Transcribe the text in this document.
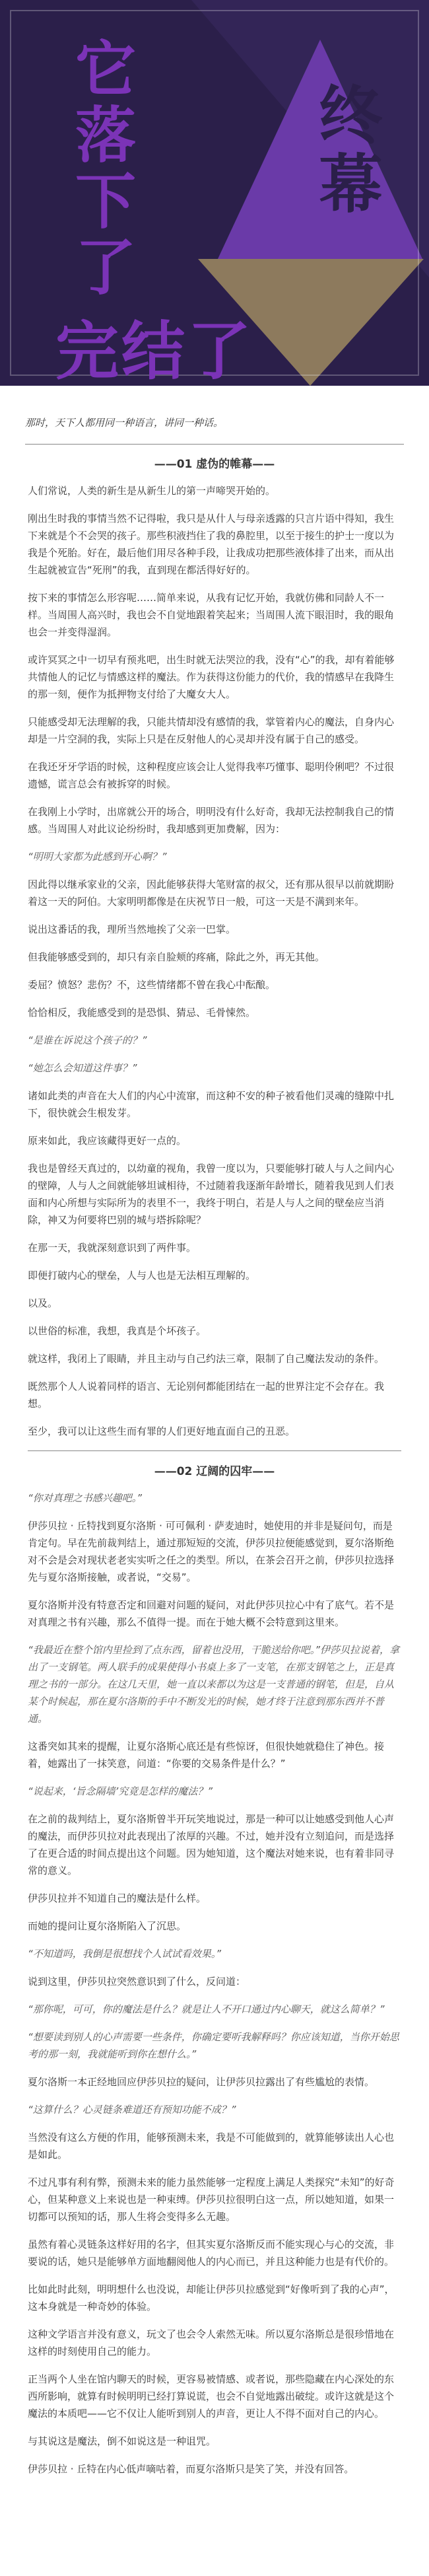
它落下了	终幕
完结了
那时，天下人都用同一种语言，讲同一种话。
——01 虚伪的帷幕——

人们常说，人类的新生是从新生儿的第一声啼哭开始的。

刚出生时我的事情当然不记得啦，我只是从什人与母亲透露的只言片语中得知，我生下来就是个不会哭的孩子。那些积液挡住了我的鼻腔里，以至于接生的护士一度以为我是个死胎。好在，最后他们用尽各种手段，让我成功把那些液体排了出来，而从出生起就被宣告“死刑”的我，直到现在都活得好好的。

按下来的事情怎么形容呢……简单来说，从我有记忆开始，我就仿佛和同龄人不一样。当周围人高兴时，我也会不自觉地跟着笑起来；当周围人流下眼泪时，我的眼角也会一并变得湿润。

或许冥冥之中一切早有预兆吧，出生时就无法哭泣的我，没有“心”的我，却有着能够共情他人的记忆与情感这样的魔法。作为获得这份能力的代价，我的情感早在我降生的那一刻，便作为抵押物支付给了大魔女大人。

只能感受却无法理解的我，只能共情却没有感情的我，掌管着内心的魔法，自身内心却是一片空洞的我，实际上只是在反射他人的心灵却并没有属于自己的感受。

在我还牙牙学语的时候，这种程度应该会让人觉得我率巧懂事、聪明伶俐吧？不过很遗憾，谎言总会有被拆穿的时候。

在我刚上小学时，出席就公开的场合，明明没有什么好奇，我却无法控制我自己的情感。当周围人对此议论纷纷时，我却感到更加费解，因为：

“明明大家都为此感到开心啊？”

因此得以继承家业的父亲，因此能够获得大笔财富的叔父，还有那从很早以前就期盼着这一天的阿伯。大家明明都像是在庆祝节日一般，可这一天是不满到来年。

说出这番话的我，理所当然地挨了父亲一巴掌。

但我能够感受到的，却只有亲自脸颊的疼痛，除此之外，再无其他。

委屈？愤怒？悲伤？不，这些情绪都不曾在我心中酝酿。

恰恰相反，我能感受到的是恐惧、猜忌、毛骨悚然。

“是谁在诉说这个孩子的？”

“她怎么会知道这件事？”

诸如此类的声音在大人们的内心中流窜，而这种不安的种子被看他们灵魂的缝隙中扎下，很快就会生根发芽。

原来如此，我应该藏得更好一点的。

我也是曾经天真过的，以幼童的视角，我曾一度以为，只要能够打破人与人之间内心的壁障，人与人之间就能够坦诚相待，不过随着我逐渐年龄增长，随着我见到人们表面和内心所想与实际所为的表里不一，我终于明白，若是人与人之间的壁垒应当消除，神又为何要将巴别的城与塔拆除呢？

在那一天，我就深刻意识到了两件事。

即便打破内心的壁垒，人与人也是无法相互理解的。

以及。

以世俗的标准，我想，我真是个坏孩子。

就这样，我闭上了眼睛，并且主动与自己约法三章，限制了自己魔法发动的条件。

既然那个人人说着同样的语言、无论别何都能团结在一起的世界注定不会存在。我想。

至少，我可以让这些生而有罪的人们更好地直面自己的丑恶。

——02 辽阔的囚牢——

“你对真理之书感兴趣吧。”

伊莎贝拉 · 丘特找到夏尔洛斯 · 可可佩利 · 萨麦迪时，她使用的并非是疑问句，而是肯定句。早在先前裁判结上，通过那短短的交流，伊莎贝拉便能感觉到，夏尔洛斯绝对不会是会对现状老老实实听之任之的类型。所以，在茶会召开之前，伊莎贝拉选择先与夏尔洛斯接触，或者说，“交易”。

夏尔洛斯并没有特意否定和回避对问题的疑问，对此伊莎贝拉心中有了底气。若不是对真理之书有兴趣，那么不值得一提。而在于她大概不会特意到这里来。

“我最近在整个馆内里捡到了点东西，留着也没用，干脆送给你吧。”伊莎贝拉说着，拿出了一支钢笔。两人联手的成果使得小书桌上多了一支笔，在那支钢笔之上，正是真理之书的一部分。在这几天里，她一直以来都以为这是一支普通的钢笔，但是，自从某个时候起，那在夏尔洛斯的手中不断发光的时候，她才终于注意到那东西并不普通。

这番突如其来的提醒，让夏尔洛斯心底还是有些惊讶，但很快她就稳住了神色。接着，她露出了一抹笑意，问道：“你要的交易条件是什么？”

“说起来，‘旨念隔墙’究竟是怎样的魔法？”

在之前的裁判结上，夏尔洛斯曾半开玩笑地说过，那是一种可以让她感受到他人心声的魔法，而伊莎贝拉对此表现出了浓厚的兴趣。不过，她并没有立刻追问，而是选择了在更合适的时间点提出这个问题。因为她知道，这个魔法对她来说，也有着非同寻常的意义。

伊莎贝拉并不知道自己的魔法是什么样。

而她的提问让夏尔洛斯陷入了沉思。

“不知道吗，我倒是很想找个人试试看效果。”

说到这里，伊莎贝拉突然意识到了什么，反问道：

“那你呢，可可，你的魔法是什么？就是让人不开口通过内心聊天，就这么简单？”

“想要读到别人的心声需要一些条件，你确定要听我解释吗？你应该知道，当你开始思考的那一刻，我就能听到你在想什么。”

夏尔洛斯一本正经地回应伊莎贝拉的疑问，让伊莎贝拉露出了有些尴尬的表情。

“这算什么？心灵链条难道还有预知功能不成？”

当然没有这么方便的作用，能够预测未来，我是不可能做到的，就算能够读出人心也是如此。

不过凡事有利有弊，预测未来的能力虽然能够一定程度上满足人类探究“未知”的好奇心，但某种意义上来说也是一种束缚。伊莎贝拉很明白这一点，所以她知道，如果一切都可以预知的话，那人生将会变得多么无趣。

虽然有着心灵链条这样好用的名字，但其实夏尔洛斯反而不能实现心与心的交流，非要说的话，她只是能够单方面地翻阅他人的内心而已，并且这种能力也是有代价的。

比如此时此刻，明明想什么也没说，却能让伊莎贝拉感觉到“好像听到了我的心声”，这本身就是一种奇妙的体验。

这种文学语言并没有意义，玩文了也会令人索然无味。所以夏尔洛斯总是很珍惜地在这样的时刻使用自己的能力。

正当两个人坐在馆内聊天的时候，更容易被情感、或者说，那些隐藏在内心深处的东西所影响，就算有时候明明已经打算说谎，也会不自觉地露出破绽。或许这就是这个魔法的本质吧——它不仅让人能听到别人的声音，更让人不得不面对自己的内心。

与其说这是魔法，倒不如说这是一种诅咒。

伊莎贝拉 · 丘特在内心低声嘀咕着，而夏尔洛斯只是笑了笑，并没有回答。
